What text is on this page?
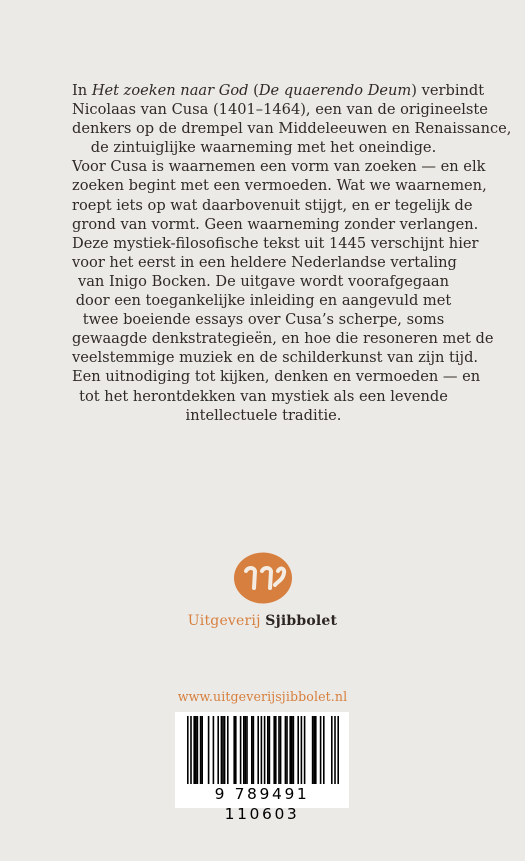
In Het zoeken naar God (De quaerendo Deum) verbindt
Nicolaas van Cusa (1401–1464), een van de origineelste
denkers op de drempel van Middeleeuwen en Renaissance,
de zintuiglijke waarneming met het oneindige.
Voor Cusa is waarnemen een vorm van zoeken — en elk
zoeken begint met een vermoeden. Wat we waarnemen,
roept iets op wat daarbovenuit stijgt, en er tegelijk de
grond van vormt. Geen waarneming zonder verlangen.
Deze mystiek-filosofische tekst uit 1445 verschijnt hier
voor het eerst in een heldere Nederlandse vertaling
van Inigo Bocken. De uitgave wordt voorafgegaan
door een toegankelijke inleiding en aangevuld met
twee boeiende essays over Cusa’s scherpe, soms
gewaagde denkstrategieën, en hoe die resoneren met de
veelstemmige muziek en de schilderkunst van zijn tijd.
Een uitnodiging tot kijken, denken en vermoeden — en
tot het herontdekken van mystiek als een levende
intellectuele traditie.
Uitgeverij Sjibbolet
www.uitgeverijsjibbolet.nl
9 789491 110603
